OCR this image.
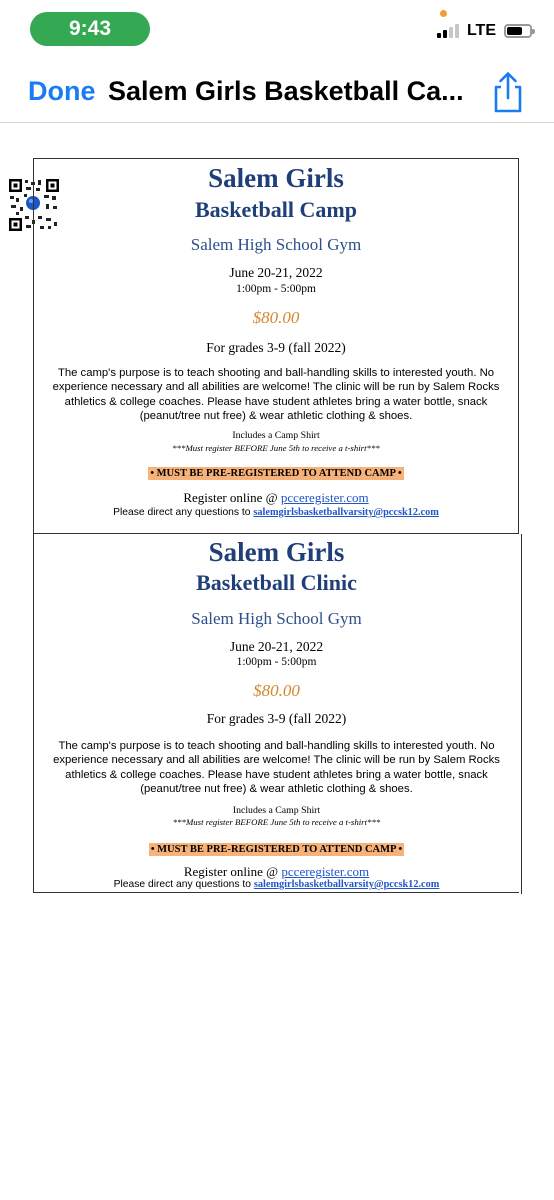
9:43	LTE
Done Salem Girls Basketball Ca...
Salem Girls
Basketball Camp
Salem High School Gym
June 20-21, 2022
1:00pm - 5:00pm
$80.00
For grades 3-9 (fall 2022)
The camp's purpose is to teach shooting and ball-handling skills to interested youth. No experience necessary and all abilities are welcome! The clinic will be run by Salem Rocks athletics & college coaches. Please have student athletes bring a water bottle, snack (peanut/tree nut free) & wear athletic clothing & shoes.
Includes a Camp Shirt
***Must register BEFORE June 5th to receive a t-shirt***
• MUST BE PRE-REGISTERED TO ATTEND CAMP •
Register online @ pcceregister.com
Please direct any questions to salemgirlsbasketballvarsity@pccsk12.com
Salem Girls
Basketball Clinic
Salem High School Gym
June 20-21, 2022
1:00pm - 5:00pm
$80.00
For grades 3-9 (fall 2022)
The camp's purpose is to teach shooting and ball-handling skills to interested youth. No experience necessary and all abilities are welcome! The clinic will be run by Salem Rocks athletics & college coaches. Please have student athletes bring a water bottle, snack (peanut/tree nut free) & wear athletic clothing & shoes.
Includes a Camp Shirt
***Must register BEFORE June 5th to receive a t-shirt***
• MUST BE PRE-REGISTERED TO ATTEND CAMP •
Register online @ pcceregister.com
Please direct any questions to salemgirlsbasketballvarsity@pccsk12.com
